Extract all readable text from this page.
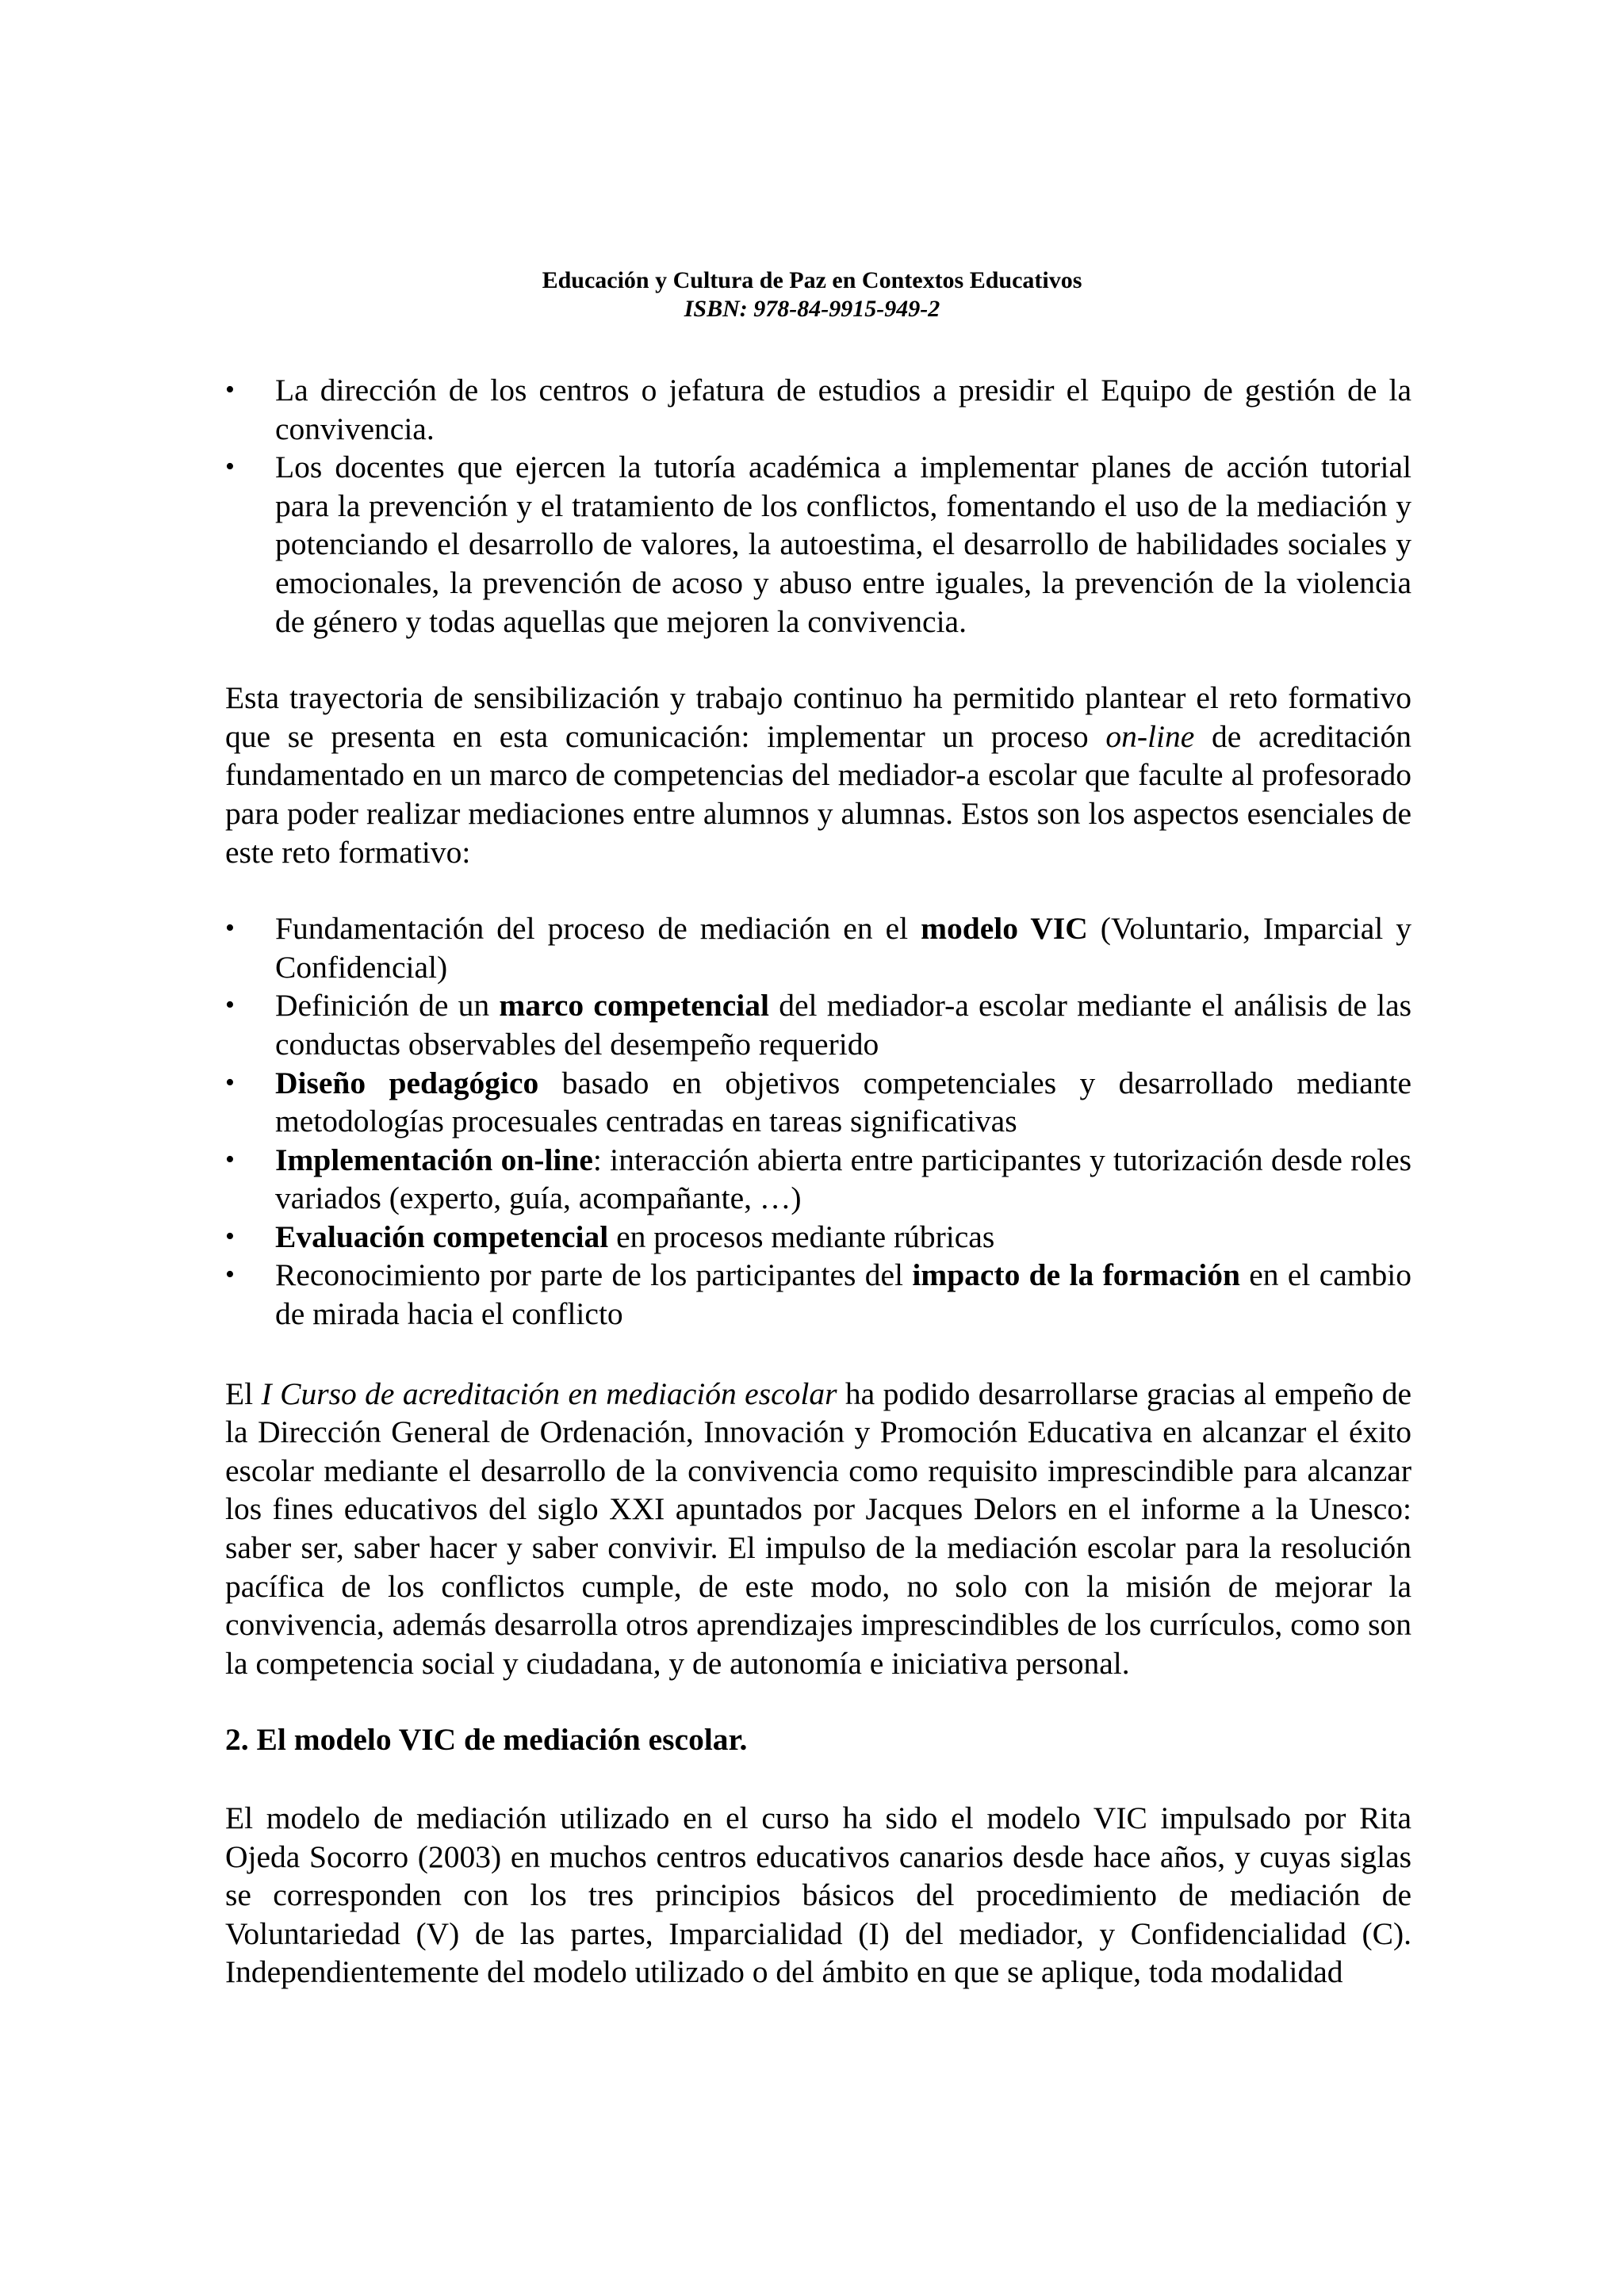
Educación y Cultura de Paz en Contextos Educativos
ISBN: 978-84-9915-949-2
• La dirección de los centros o jefatura de estudios a presidir el Equipo de gestión de la convivencia.
• Los docentes que ejercen la tutoría académica a implementar planes de acción tutorial para la prevención y el tratamiento de los conflictos, fomentando el uso de la mediación y potenciando el desarrollo de valores, la autoestima, el desarrollo de habilidades sociales y emocionales, la prevención de acoso y abuso entre iguales, la prevención de la violencia de género y todas aquellas que mejoren la convivencia.

Esta trayectoria de sensibilización y trabajo continuo ha permitido plantear el reto formativo que se presenta en esta comunicación: implementar un proceso on-line de acreditación fundamentado en un marco de competencias del mediador-a escolar que faculte al profesorado para poder realizar mediaciones entre alumnos y alumnas. Estos son los aspectos esenciales de este reto formativo:

• Fundamentación del proceso de mediación en el modelo VIC (Voluntario, Imparcial y Confidencial)
• Definición de un marco competencial del mediador-a escolar mediante el análisis de las conductas observables del desempeño requerido
• Diseño pedagógico basado en objetivos competenciales y desarrollado mediante metodologías procesuales centradas en tareas significativas
• Implementación on-line: interacción abierta entre participantes y tutorización desde roles variados (experto, guía, acompañante, …)
• Evaluación competencial en procesos mediante rúbricas
• Reconocimiento por parte de los participantes del impacto de la formación en el cambio de mirada hacia el conflicto

El I Curso de acreditación en mediación escolar ha podido desarrollarse gracias al empeño de la Dirección General de Ordenación, Innovación y Promoción Educativa en alcanzar el éxito escolar mediante el desarrollo de la convivencia como requisito imprescindible para alcanzar los fines educativos del siglo XXI apuntados por Jacques Delors en el informe a la Unesco: saber ser, saber hacer y saber convivir. El impulso de la mediación escolar para la resolución pacífica de los conflictos cumple, de este modo, no solo con la misión de mejorar la convivencia, además desarrolla otros aprendizajes imprescindibles de los currículos, como son la competencia social y ciudadana, y de autonomía e iniciativa personal.

2. El modelo VIC de mediación escolar.

El modelo de mediación utilizado en el curso ha sido el modelo VIC impulsado por Rita Ojeda Socorro (2003) en muchos centros educativos canarios desde hace años, y cuyas siglas se corresponden con los tres principios básicos del procedimiento de mediación de Voluntariedad (V) de las partes, Imparcialidad (I) del mediador, y Confidencialidad (C). Independientemente del modelo utilizado o del ámbito en que se aplique, toda modalidad
